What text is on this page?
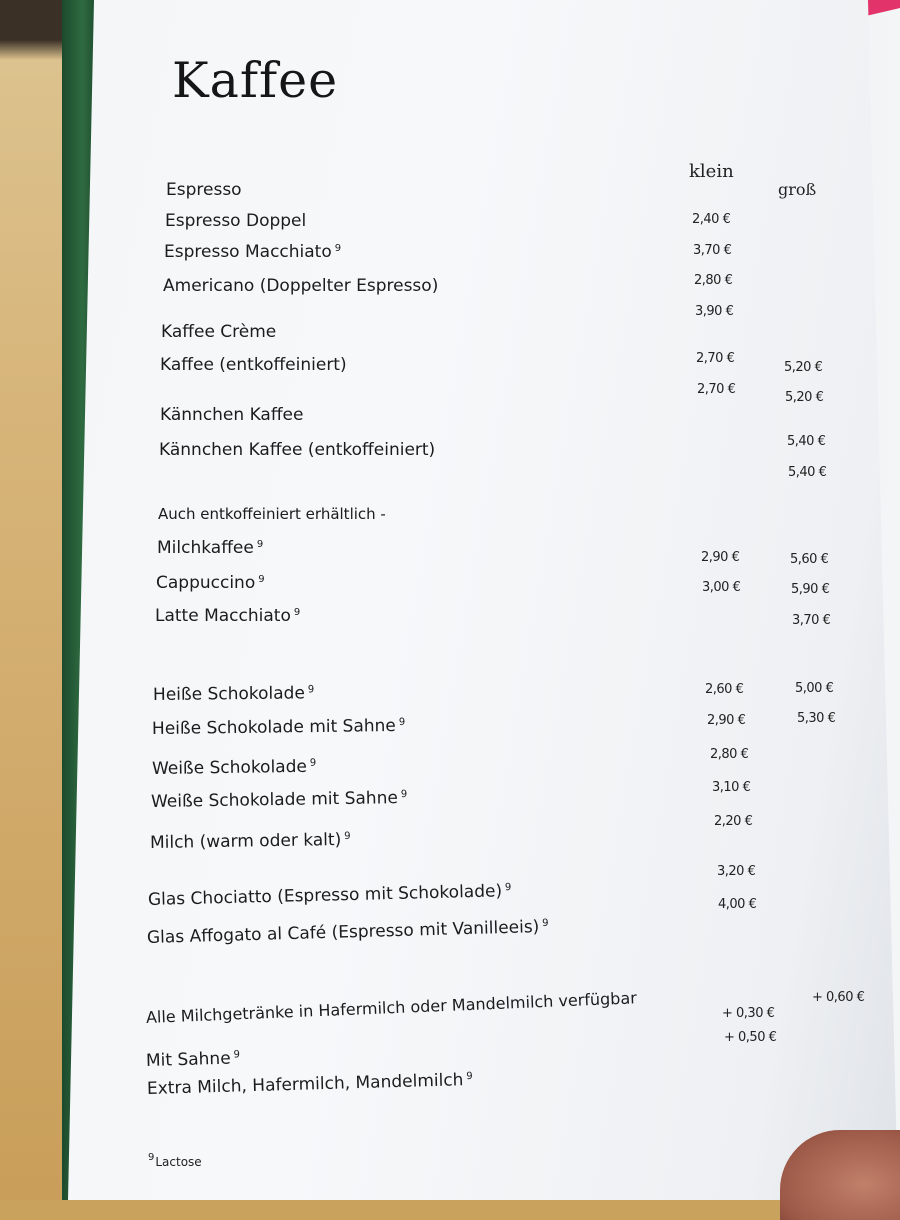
Kaffee
klein
groß
Espresso
Espresso Doppel
Espresso Macchiato $^9$
Americano (Doppelter Espresso)
Kaffee Crème
Kaffee (entkoffeiniert)
Kännchen Kaffee
Kännchen Kaffee (entkoffeiniert)
Auch entkoffeiniert erhältlich -
Milchkaffee $^9$
Cappuccino $^9$
Latte Macchiato $^9$
Heiße Schokolade $^9$
Heiße Schokolade mit Sahne $^9$
Weiße Schokolade $^9$
Weiße Schokolade mit Sahne $^9$
Milch (warm oder kalt) $^9$
Glas Chociatto (Espresso mit Schokolade) $^9$
Glas Affogato al Café (Espresso mit Vanilleeis) $^9$
Alle Milchgetränke in Hafermilch oder Mandelmilch verfügbar
Mit Sahne $^9$
Extra Milch, Hafermilch, Mandelmilch $^9$
2,40 €
3,70 €
2,80 €
3,90 €
2,70 €
2,70 €
2,90 €
3,00 €
2,60 €
2,90 €
2,80 €
3,10 €
2,20 €
3,20 €
4,00 €
+ 0,30 €
+ 0,50 €
5,20 €
5,20 €
5,40 €
5,40 €
5,60 €
5,90 €
3,70 €
5,00 €
5,30 €
+ 0,60 €
$^9$Lactose
